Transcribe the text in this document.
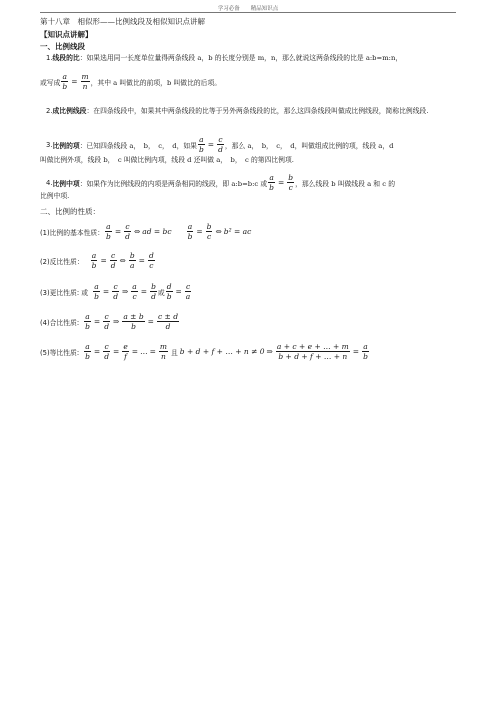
学习必备　　精品知识点
第十八章　相似形——比例线段及相似知识点讲解
【知识点讲解】
一、比例线段
1.线段的比：如果选用同一长度单位量得两条线段 a，b 的长度分别是 m，n，那么就说这两条线段的比是 a:b=m:n，
或写成 $\frac{a}{b} = \frac{m}{n}$ ，其中 a 叫做比的前项，b 叫做比的后项。
2.成比例线段：在四条线段中，如果其中两条线段的比等于另外两条线段的比，那么这四条线段叫做成比例线段，简称比例线段.
3. 比例的项 ：已知四条线段 a，　b，　c，　d，如果 $\frac{a}{b} = \frac{c}{d}$ ，那么 a，　b，　c，　d，叫做组成比例的项，线段 a，d
叫做比例外项，线段 b，　c 叫做比例内项，线段 d 还叫做 a，　b，　c 的第四比例项.
4. 比例中项 ：如果作为比例线段的内项是两条相同的线段，即 a:b=b:c 或 $\frac{a}{b} = \frac{b}{c}$ ，那么线段 b 叫做线段 a 和 c 的
比例中项.
二、比例的性质：
(1)比例的基本性质： $\frac{a}{b} = \frac{c}{d}$ ⇔ ad = bc $\frac{a}{b} = \frac{b}{c}$ ⇔ b² = ac
(2)反比性质： $\frac{a}{b} = \frac{c}{d}$ ⇔ $\frac{b}{a} = \frac{d}{c}$
(3)更比性质: 或 $\frac{a}{b} = \frac{c}{d}$ ⇒ $\frac{a}{c} = \frac{b}{d}$ 或 $\frac{d}{b} = \frac{c}{a}$
(4)合比性质: $\frac{a}{b} = \frac{c}{d}$ ⇒ $\frac{a \pm b}{b} = \frac{c \pm d}{d}$
(5)等比性质: $\frac{a}{b} = \frac{c}{d} = \frac{e}{f}$ = … = $\frac{m}{n}$ 且 b + d + f + … + n ≠ 0 ⇒ $\frac{a + c + e + \dots + m}{b + d + f + \dots + n} = \frac{a}{b}$
